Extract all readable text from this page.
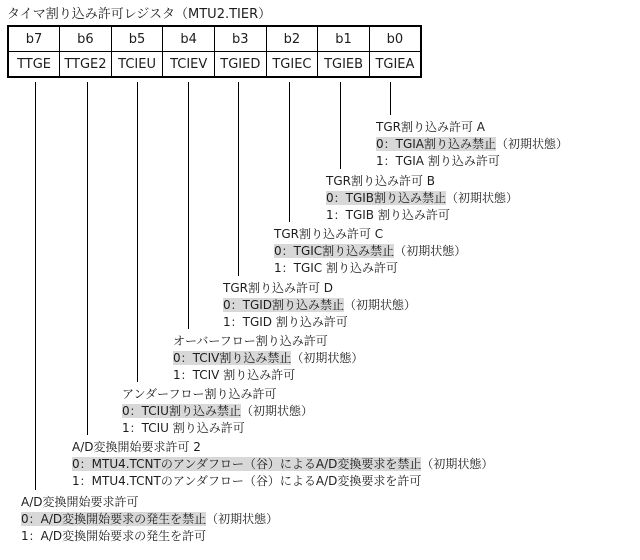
タイマ割り込み許可レジスタ（MTU2.TIER）
b7	b6	b5	b4	b3	b2	b1	b0
TTGE	TTGE2	TCIEU	TCIEV	TGIED	TGIEC	TGIEB	TGIEA
TGR割り込み許可 A
0：TGIA割り込み禁止（初期状態）
1：TGIA 割り込み許可
TGR割り込み許可 B
0：TGIB割り込み禁止（初期状態）
1：TGIB 割り込み許可
TGR割り込み許可 C
0：TGIC割り込み禁止（初期状態）
1：TGIC 割り込み許可
TGR割り込み許可 D
0：TGID割り込み禁止（初期状態）
1：TGID 割り込み許可
オーバーフロー割り込み許可
0：TCIV割り込み禁止（初期状態）
1：TCIV 割り込み許可
アンダーフロー割り込み許可
0：TCIU割り込み禁止（初期状態）
1：TCIU 割り込み許可
A/D変換開始要求許可 2
0：MTU4.TCNTのアンダフロー（谷）によるA/D変換要求を禁止（初期状態）
1：MTU4.TCNTのアンダフロー（谷）によるA/D変換要求を許可
A/D変換開始要求許可
0：A/D変換開始要求の発生を禁止（初期状態）
1：A/D変換開始要求の発生を許可
